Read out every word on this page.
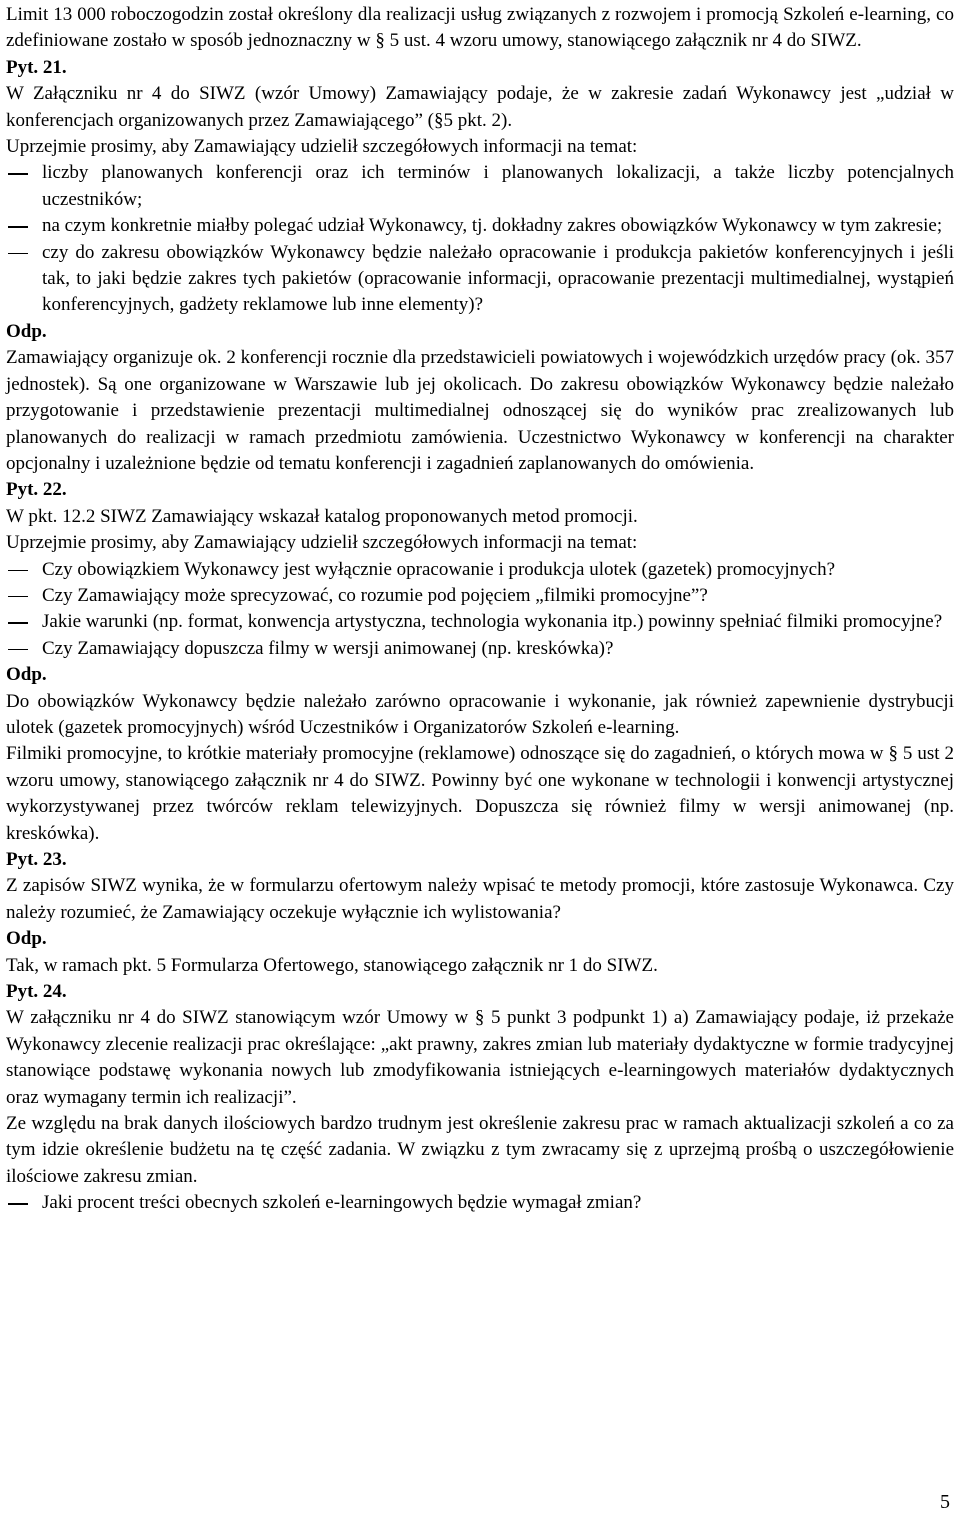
Limit 13 000 roboczogodzin został określony dla realizacji usług związanych z rozwojem i promocją Szkoleń e-learning, co zdefiniowane zostało w sposób jednoznaczny w § 5 ust. 4 wzoru umowy, stanowiącego załącznik nr 4 do SIWZ.
Pyt. 21.
W Załączniku nr 4 do SIWZ (wzór Umowy) Zamawiający podaje, że w zakresie zadań Wykonawcy jest „udział w konferencjach organizowanych przez Zamawiającego” (§5 pkt. 2).
Uprzejmie prosimy, aby Zamawiający udzielił szczegółowych informacji na temat:
liczby planowanych konferencji oraz ich terminów i planowanych lokalizacji, a także liczby potencjalnych uczestników;
na czym konkretnie miałby polegać udział Wykonawcy, tj. dokładny zakres obowiązków Wykonawcy w tym zakresie;
czy do zakresu obowiązków Wykonawcy będzie należało opracowanie i produkcja pakietów konferencyjnych i jeśli tak, to jaki będzie zakres tych pakietów (opracowanie informacji, opracowanie prezentacji multimedialnej, wystąpień konferencyjnych, gadżety reklamowe lub inne elementy)?
Odp.
Zamawiający organizuje ok. 2 konferencji rocznie dla przedstawicieli powiatowych i wojewódzkich urzędów pracy (ok. 357 jednostek). Są one organizowane w Warszawie lub jej okolicach. Do zakresu obowiązków Wykonawcy będzie należało przygotowanie i przedstawienie prezentacji multimedialnej odnoszącej się do wyników prac zrealizowanych lub planowanych do realizacji w ramach przedmiotu zamówienia. Uczestnictwo Wykonawcy w konferencji na charakter opcjonalny i uzależnione będzie od tematu konferencji i zagadnień zaplanowanych do omówienia.
Pyt. 22.
W pkt. 12.2 SIWZ Zamawiający wskazał katalog proponowanych metod promocji.
Uprzejmie prosimy, aby Zamawiający udzielił szczegółowych informacji na temat:
Czy obowiązkiem Wykonawcy jest wyłącznie opracowanie i produkcja ulotek (gazetek) promocyjnych?
Czy Zamawiający może sprecyzować, co rozumie pod pojęciem „filmiki promocyjne”?
Jakie warunki (np. format, konwencja artystyczna, technologia wykonania itp.) powinny spełniać filmiki promocyjne?
Czy Zamawiający dopuszcza filmy w wersji animowanej (np. kreskówka)?
Odp.
Do obowiązków Wykonawcy będzie należało zarówno opracowanie i wykonanie, jak również zapewnienie dystrybucji ulotek (gazetek promocyjnych) wśród Uczestników i Organizatorów Szkoleń e-learning.
Filmiki promocyjne, to krótkie materiały promocyjne (reklamowe) odnoszące się do zagadnień, o których mowa w § 5 ust 2 wzoru umowy, stanowiącego załącznik nr 4 do SIWZ. Powinny być one wykonane w technologii i konwencji artystycznej wykorzystywanej przez twórców reklam telewizyjnych. Dopuszcza się również filmy w wersji animowanej (np. kreskówka).
Pyt. 23.
Z zapisów SIWZ wynika, że w formularzu ofertowym należy wpisać te metody promocji, które zastosuje Wykonawca. Czy należy rozumieć, że Zamawiający oczekuje wyłącznie ich wylistowania?
Odp.
Tak, w ramach pkt. 5 Formularza Ofertowego, stanowiącego załącznik nr 1 do SIWZ.
Pyt. 24.
W załączniku nr 4 do SIWZ stanowiącym wzór Umowy w § 5 punkt 3 podpunkt 1) a) Zamawiający podaje, iż przekaże Wykonawcy zlecenie realizacji prac określające: „akt prawny, zakres zmian lub materiały dydaktyczne w formie tradycyjnej stanowiące podstawę wykonania nowych lub zmodyfikowania istniejących e-learningowych materiałów dydaktycznych oraz wymagany termin ich realizacji”.
Ze względu na brak danych ilościowych bardzo trudnym jest określenie zakresu prac w ramach aktualizacji szkoleń a co za tym idzie określenie budżetu na tę część zadania. W związku z tym zwracamy się z uprzejmą prośbą o uszczegółowienie ilościowe zakresu zmian.
Jaki procent treści obecnych szkoleń e-learningowych będzie wymagał zmian?
5
